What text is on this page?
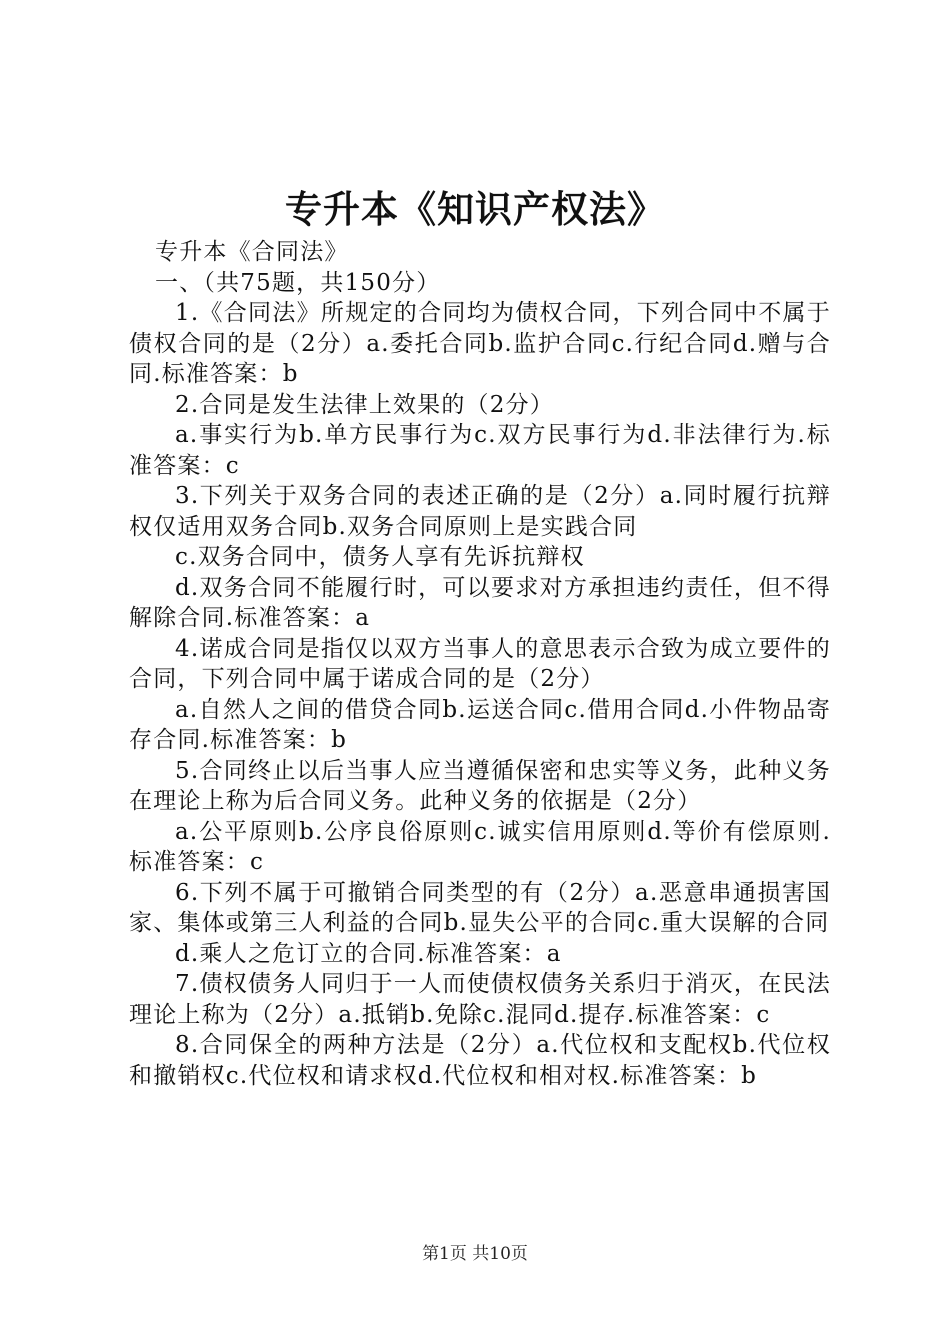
专升本《知识产权法》

专升本《合同法》

一、（共75题，共150分）

1.《合同法》所规定的合同均为债权合同，下列合同中不属于债权合同的是（2分）a.委托合同b.监护合同c.行纪合同d.赠与合同.标准答案：b

2.合同是发生法律上效果的（2分）

a.事实行为b.单方民事行为c.双方民事行为d.非法律行为.标准答案：c

3.下列关于双务合同的表述正确的是（2分）a.同时履行抗辩权仅适用双务合同b.双务合同原则上是实践合同

c.双务合同中，债务人享有先诉抗辩权

d.双务合同不能履行时，可以要求对方承担违约责任，但不得解除合同.标准答案：a

4.诺成合同是指仅以双方当事人的意思表示合致为成立要件的合同，下列合同中属于诺成合同的是（2分）

a.自然人之间的借贷合同b.运送合同c.借用合同d.小件物品寄存合同.标准答案：b

5.合同终止以后当事人应当遵循保密和忠实等义务，此种义务在理论上称为后合同义务。此种义务的依据是（2分）

a.公平原则b.公序良俗原则c.诚实信用原则d.等价有偿原则.标准答案：c

6.下列不属于可撤销合同类型的有（2分）a.恶意串通损害国家、集体或第三人利益的合同b.显失公平的合同c.重大误解的合同

d.乘人之危订立的合同.标准答案：a

7.债权债务人同归于一人而使债权债务关系归于消灭，在民法理论上称为（2分）a.抵销b.免除c.混同d.提存.标准答案：c

8.合同保全的两种方法是（2分）a.代位权和支配权b.代位权和撤销权c.代位权和请求权d.代位权和相对权.标准答案：b

第1页 共10页
